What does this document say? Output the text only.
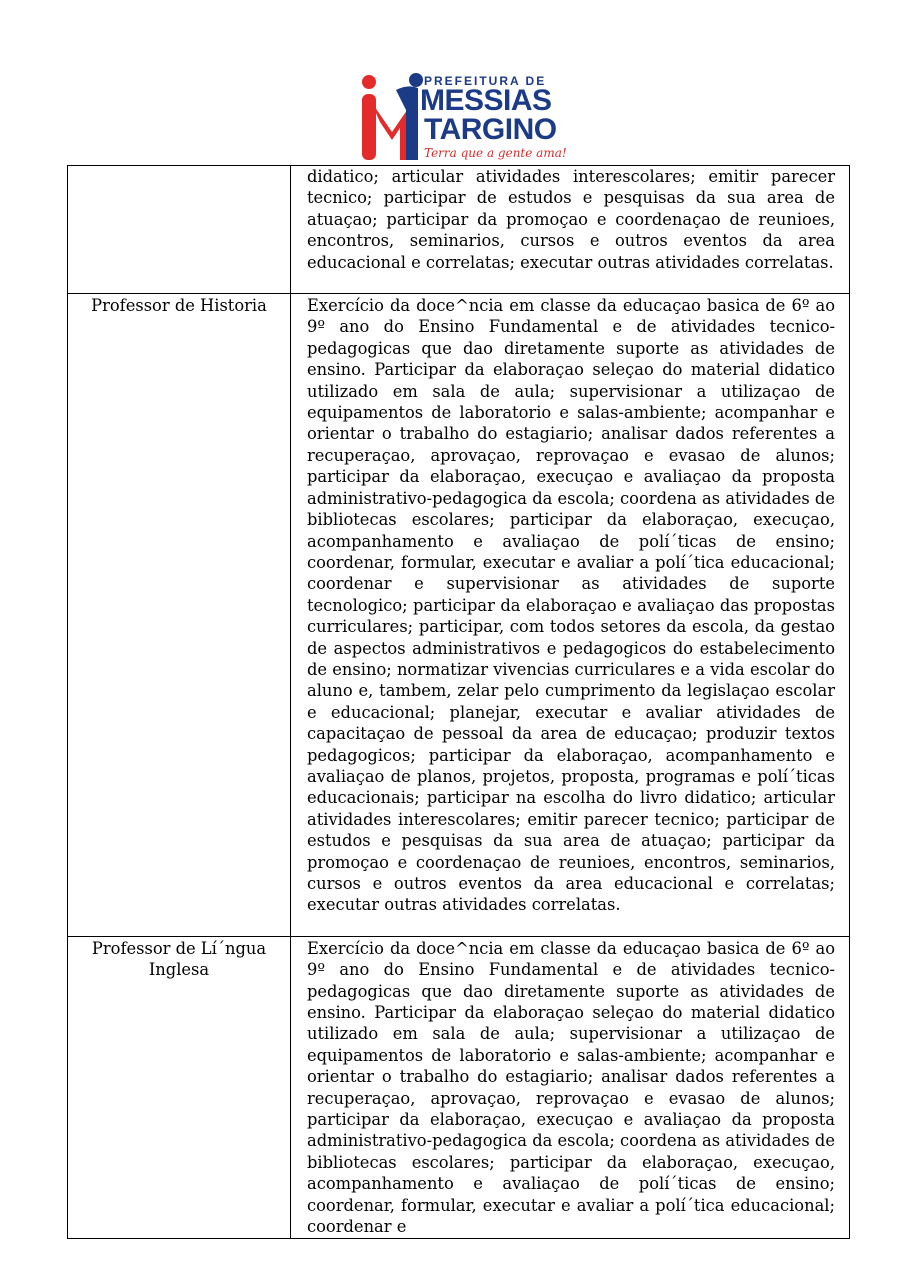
PREFEITURA DE
MESSIAS
TARGINO
Terra que a gente ama!
	didatico; articular atividades interescolares; emitir parecer tecnico; participar de estudos e pesquisas da sua area de atuaçao; participar da promoçao e coordenaçao de reunioes, encontros, seminarios, cursos e outros eventos da area educacional e correlatas; executar outras atividades correlatas.
Professor de Historia	Exercício da doce^ncia em classe da educaçao basica de 6º ao 9º ano do Ensino Fundamental e de atividades tecnico-pedagogicas que dao diretamente suporte as atividades de ensino. Participar da elaboraçao seleçao do material didatico utilizado em sala de aula; supervisionar a utilizaçao de equipamentos de laboratorio e salas-ambiente; acompanhar e orientar o trabalho do estagiario; analisar dados referentes a recuperaçao, aprovaçao, reprovaçao e evasao de alunos; participar da elaboraçao, execuçao e avaliaçao da proposta administrativo-pedagogica da escola; coordena as atividades de bibliotecas escolares; participar da elaboraçao, execuçao, acompanhamento e avaliaçao de polí´ticas de ensino; coordenar, formular, executar e avaliar a polí´tica educacional; coordenar e supervisionar as atividades de suporte tecnologico; participar da elaboraçao e avaliaçao das propostas curriculares; participar, com todos setores da escola, da gestao de aspectos administrativos e pedagogicos do estabelecimento de ensino; normatizar vivencias curriculares e a vida escolar do aluno e, tambem, zelar pelo cumprimento da legislaçao escolar e educacional; planejar, executar e avaliar atividades de capacitaçao de pessoal da area de educaçao; produzir textos pedagogicos; participar da elaboraçao, acompanhamento e avaliaçao de planos, projetos, proposta, programas e polí´ticas educacionais; participar na escolha do livro didatico; articular atividades interescolares; emitir parecer tecnico; participar de estudos e pesquisas da sua area de atuaçao; participar da promoçao e coordenaçao de reunioes, encontros, seminarios, cursos e outros eventos da area educacional e correlatas; executar outras atividades correlatas.
Professor de Lí´ngua Inglesa	Exercício da doce^ncia em classe da educaçao basica de 6º ao 9º ano do Ensino Fundamental e de atividades tecnico-pedagogicas que dao diretamente suporte as atividades de ensino. Participar da elaboraçao seleçao do material didatico utilizado em sala de aula; supervisionar a utilizaçao de equipamentos de laboratorio e salas-ambiente; acompanhar e orientar o trabalho do estagiario; analisar dados referentes a recuperaçao, aprovaçao, reprovaçao e evasao de alunos; participar da elaboraçao, execuçao e avaliaçao da proposta administrativo-pedagogica da escola; coordena as atividades de bibliotecas escolares; participar da elaboraçao, execuçao, acompanhamento e avaliaçao de polí´ticas de ensino; coordenar, formular, executar e avaliar a polí´tica educacional; coordenar e
